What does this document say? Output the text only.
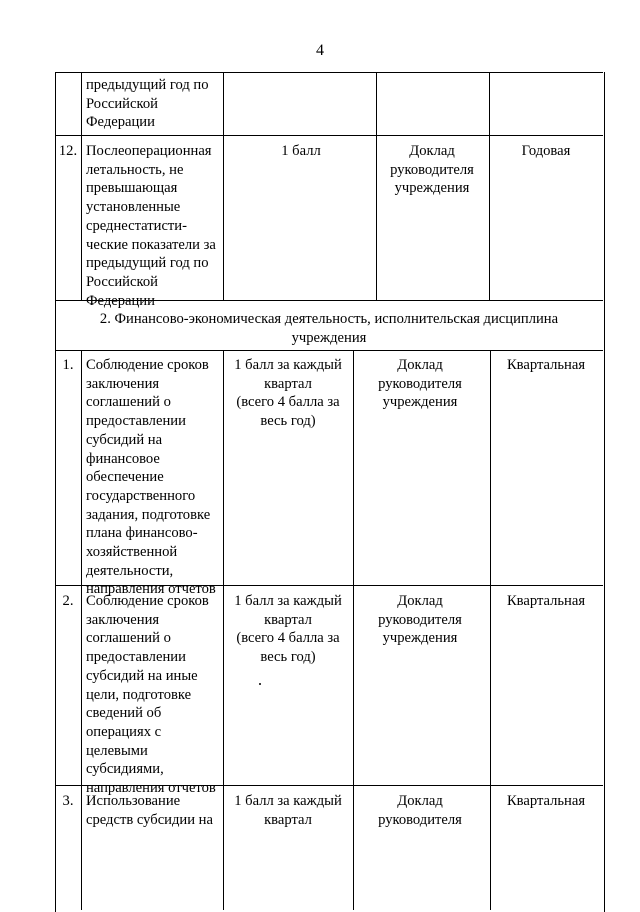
4
предыдущий год по
Российской
Федерации
12. Послеоперационная
летальность, не
превышающая
установленные
среднестатисти-
ческие показатели за
предыдущий год по
Российской
Федерации
1 балл	Доклад
руководителя
учреждения
Годовая
2. Финансово-экономическая деятельность, исполнительская дисциплина
учреждения
1. Соблюдение сроков
заключения
соглашений о
предоставлении
субсидий на
финансовое
обеспечение
государственного
задания, подготовке
плана финансово-
хозяйственной
деятельности,
направления отчетов
1 балл за каждый
квартал
(всего 4 балла за
весь год)
Доклад
руководителя
учреждения
Квартальная
2. Соблюдение сроков
заключения
соглашений о
предоставлении
субсидий на иные
цели, подготовке
сведений об
операциях с
целевыми
субсидиями,
направления отчетов
1 балл за каждый
квартал
(всего 4 балла за
весь год)
Доклад
руководителя
учреждения
Квартальная
3. Использование
средств субсидии на
1 балл за каждый
квартал
Доклад
руководителя
Квартальная
